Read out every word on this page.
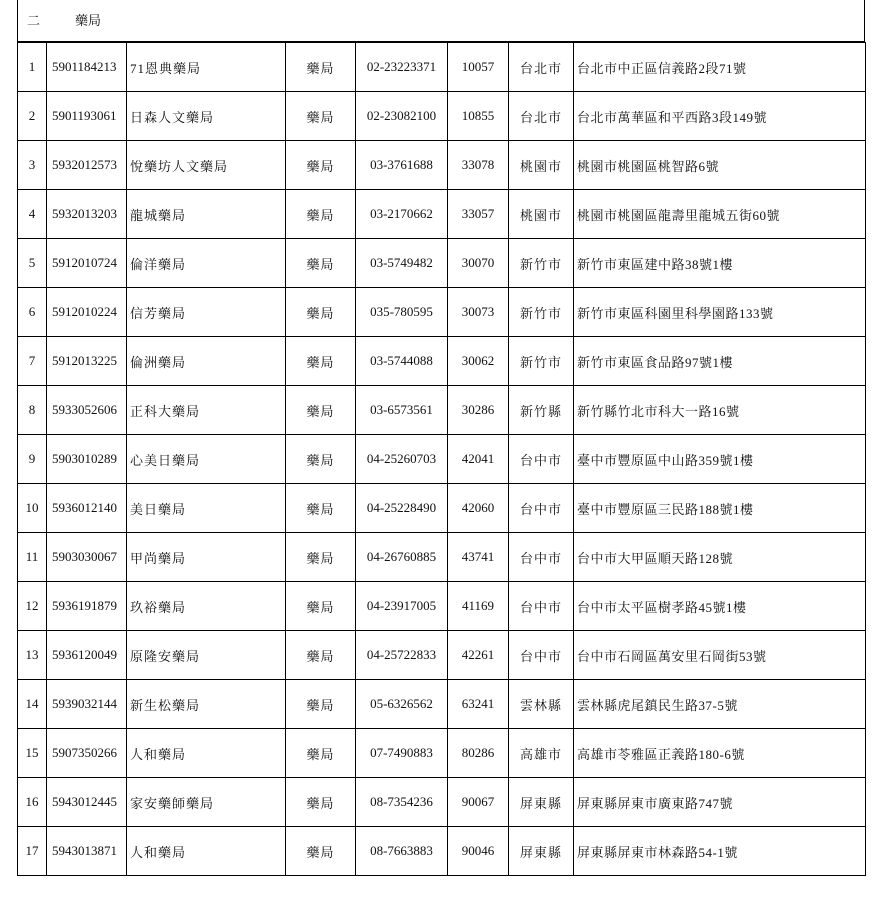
二	藥局
1	5901184213	71恩典藥局	藥局	02-23223371	10057	台北市	台北市中正區信義路2段71號
2	5901193061	日森人文藥局	藥局	02-23082100	10855	台北市	台北市萬華區和平西路3段149號
3	5932012573	悅藥坊人文藥局	藥局	03-3761688	33078	桃園市	桃園市桃園區桃智路6號
4	5932013203	龍城藥局	藥局	03-2170662	33057	桃園市	桃園市桃園區龍壽里龍城五街60號
5	5912010724	倫洋藥局	藥局	03-5749482	30070	新竹市	新竹市東區建中路38號1樓
6	5912010224	信芳藥局	藥局	035-780595	30073	新竹市	新竹市東區科園里科學園路133號
7	5912013225	倫洲藥局	藥局	03-5744088	30062	新竹市	新竹市東區食品路97號1樓
8	5933052606	正科大藥局	藥局	03-6573561	30286	新竹縣	新竹縣竹北市科大一路16號
9	5903010289	心美日藥局	藥局	04-25260703	42041	台中市	臺中市豐原區中山路359號1樓
10	5936012140	美日藥局	藥局	04-25228490	42060	台中市	臺中市豐原區三民路188號1樓
11	5903030067	甲尚藥局	藥局	04-26760885	43741	台中市	台中市大甲區順天路128號
12	5936191879	玖裕藥局	藥局	04-23917005	41169	台中市	台中市太平區樹孝路45號1樓
13	5936120049	原隆安藥局	藥局	04-25722833	42261	台中市	台中市石岡區萬安里石岡街53號
14	5939032144	新生松藥局	藥局	05-6326562	63241	雲林縣	雲林縣虎尾鎮民生路37-5號
15	5907350266	人和藥局	藥局	07-7490883	80286	高雄市	高雄市苓雅區正義路180-6號
16	5943012445	家安藥師藥局	藥局	08-7354236	90067	屏東縣	屏東縣屏東市廣東路747號
17	5943013871	人和藥局	藥局	08-7663883	90046	屏東縣	屏東縣屏東市林森路54-1號
